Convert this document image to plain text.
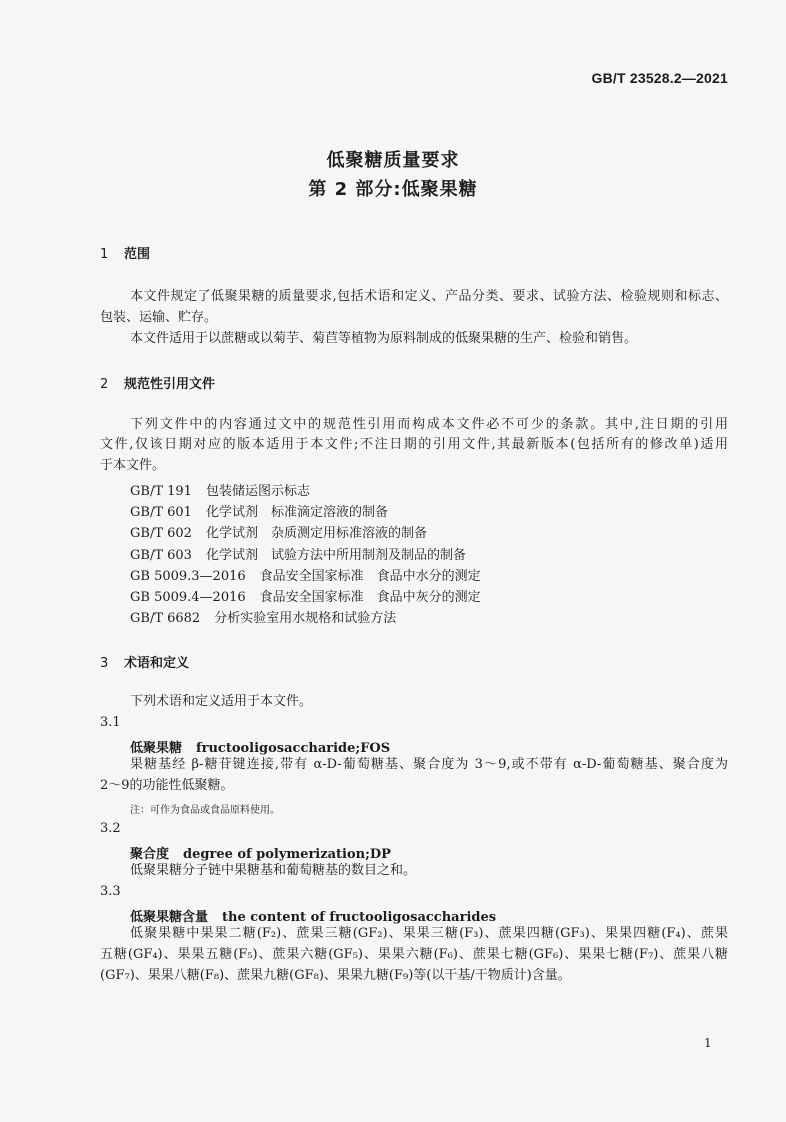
GB/T 23528.2—2021
低聚糖质量要求
第 2 部分:低聚果糖
1 范围
本文件规定了低聚果糖的质量要求,包括术语和定义、产品分类、要求、试验方法、检验规则和标志、
包装、运输、贮存。
本文件适用于以蔗糖或以菊芋、菊苣等植物为原料制成的低聚果糖的生产、检验和销售。
2 规范性引用文件
下列文件中的内容通过文中的规范性引用而构成本文件必不可少的条款。其中,注日期的引用
文件,仅该日期对应的版本适用于本文件;不注日期的引用文件,其最新版本(包括所有的修改单)适用
于本文件。
GB/T 191 包装储运图示标志
GB/T 601 化学试剂　标准滴定溶液的制备
GB/T 602 化学试剂　杂质测定用标准溶液的制备
GB/T 603 化学试剂　试验方法中所用制剂及制品的制备
GB 5009.3—2016 食品安全国家标准　食品中水分的测定
GB 5009.4—2016 食品安全国家标准　食品中灰分的测定
GB/T 6682 分析实验室用水规格和试验方法
3 术语和定义
下列术语和定义适用于本文件。
3.1
低聚果糖 fructooligosaccharide;FOS
果糖基经 β-糖苷键连接,带有 α-D-葡萄糖基、聚合度为 3～9,或不带有 α-D-葡萄糖基、聚合度为
2～9的功能性低聚糖。
注：可作为食品或食品原料使用。
3.2
聚合度 degree of polymerization;DP
低聚果糖分子链中果糖基和葡萄糖基的数目之和。
3.3
低聚果糖含量 the content of fructooligosaccharides
低聚果糖中果果二糖(F₂)、蔗果三糖(GF₂)、果果三糖(F₃)、蔗果四糖(GF₃)、果果四糖(F₄)、蔗果
五糖(GF₄)、果果五糖(F₅)、蔗果六糖(GF₅)、果果六糖(F₆)、蔗果七糖(GF₆)、果果七糖(F₇)、蔗果八糖
(GF₇)、果果八糖(F₈)、蔗果九糖(GF₈)、果果九糖(F₉)等(以干基/干物质计)含量。
1
